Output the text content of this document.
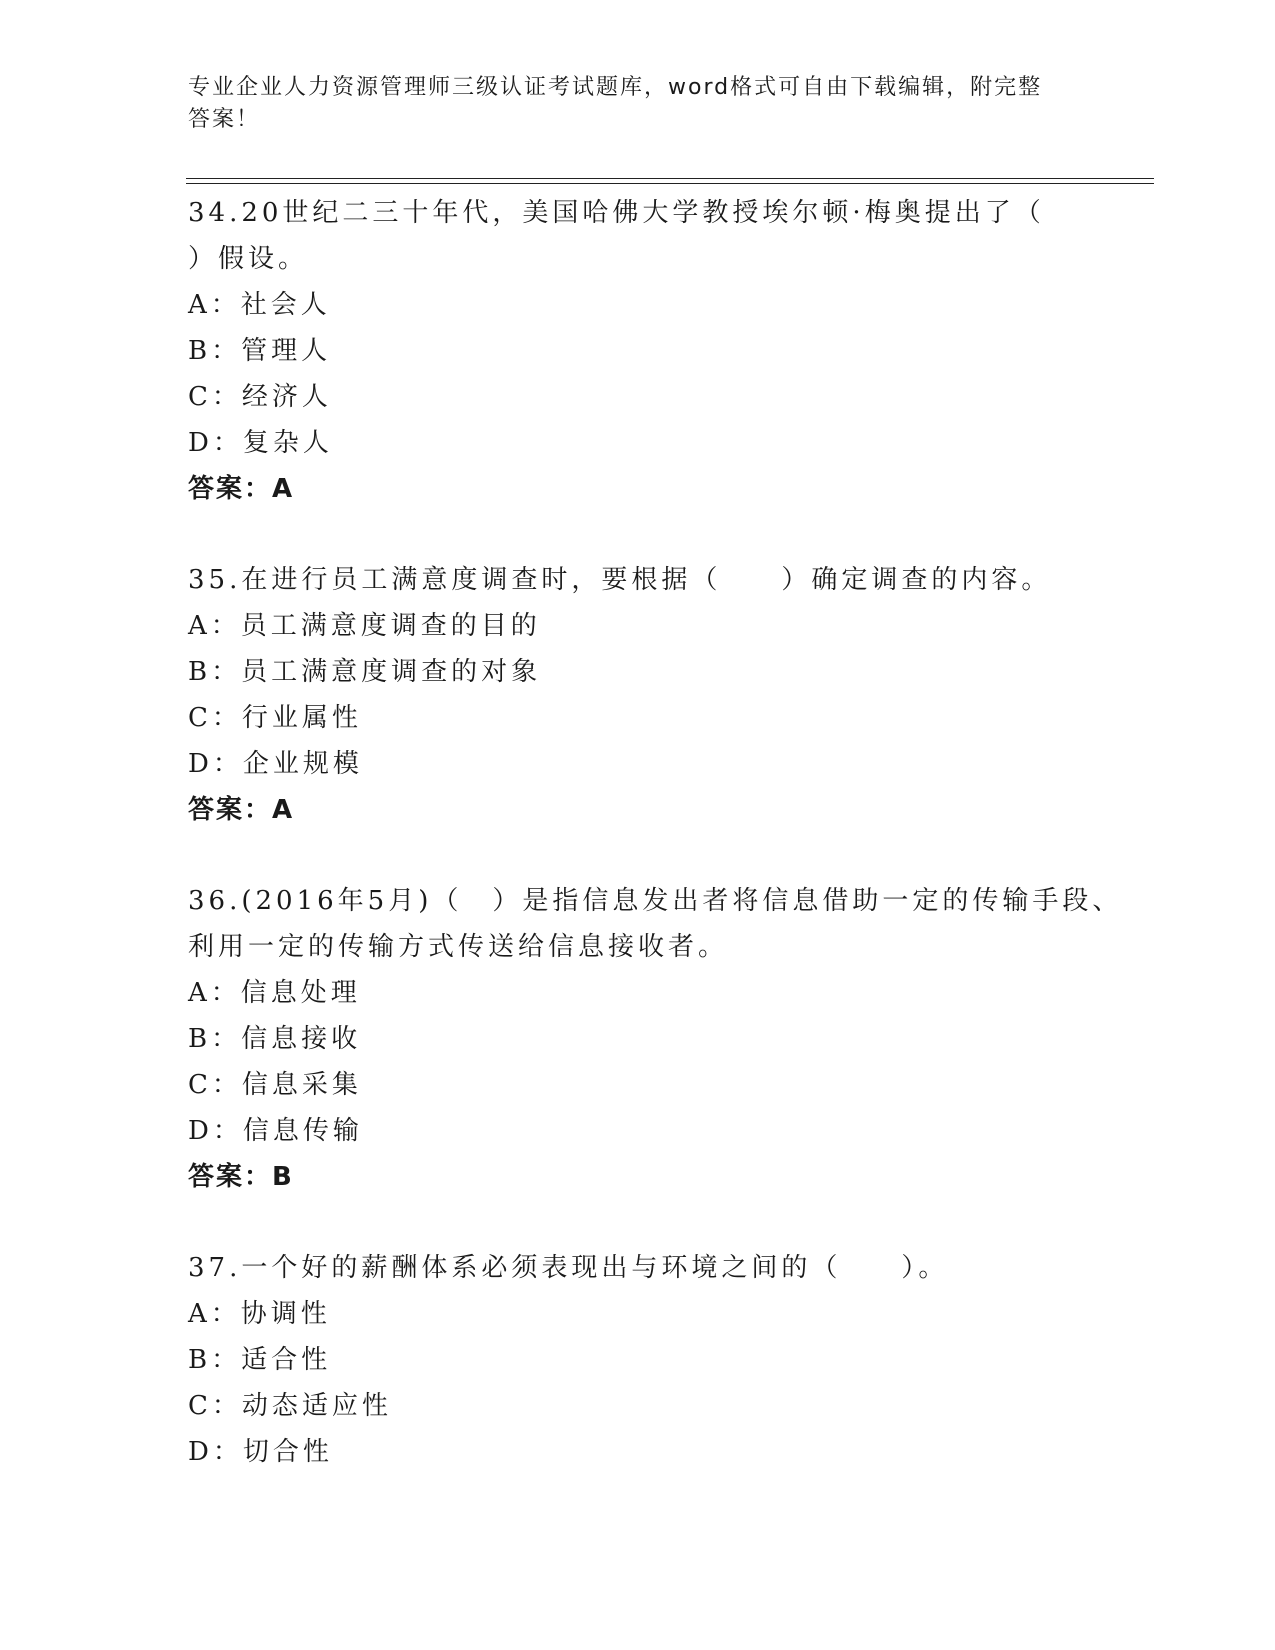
专业企业人力资源管理师三级认证考试题库，word格式可自由下载编辑，附完整
答案！
34.20世纪二三十年代，美国哈佛大学教授埃尔顿·梅奥提出了（
）假设。
A：社会人
B：管理人
C：经济人
D：复杂人
答案：A
35.在进行员工满意度调查时，要根据（　　）确定调查的内容。
A：员工满意度调查的目的
B：员工满意度调查的对象
C：行业属性
D：企业规模
答案：A
36.(2016年5月)（　）是指信息发出者将信息借助一定的传输手段、
利用一定的传输方式传送给信息接收者。
A：信息处理
B：信息接收
C：信息采集
D：信息传输
答案：B
37.一个好的薪酬体系必须表现出与环境之间的（　　）。
A：协调性
B：适合性
C：动态适应性
D：切合性
